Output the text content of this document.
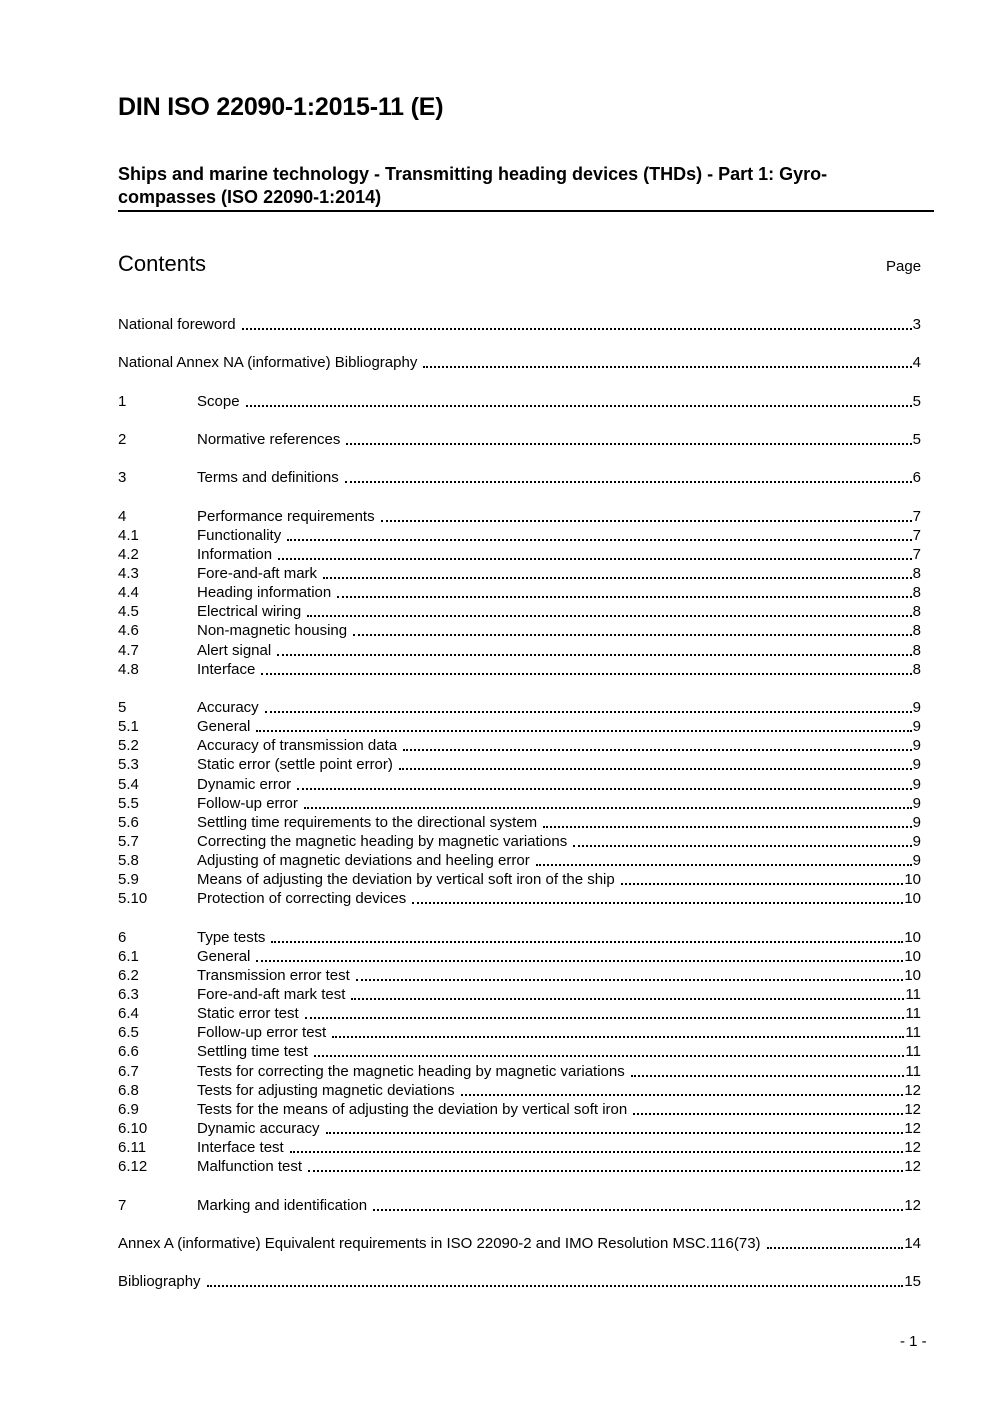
DIN ISO 22090-1:2015-11 (E)
Ships and marine technology - Transmitting heading devices (THDs) - Part 1: Gyro-
compasses (ISO 22090-1:2014)
Contents	Page
National foreword	3
National Annex NA (informative) Bibliography	4
1	Scope	5
2	Normative references	5
3	Terms and definitions	6
4	Performance requirements	7
4.1	Functionality	7
4.2	Information	7
4.3	Fore-and-aft mark	8
4.4	Heading information	8
4.5	Electrical wiring	8
4.6	Non-magnetic housing	8
4.7	Alert signal	8
4.8	Interface	8
5	Accuracy	9
5.1	General	9
5.2	Accuracy of transmission data	9
5.3	Static error (settle point error)	9
5.4	Dynamic error	9
5.5	Follow-up error	9
5.6	Settling time requirements to the directional system	9
5.7	Correcting the magnetic heading by magnetic variations	9
5.8	Adjusting of magnetic deviations and heeling error	9
5.9	Means of adjusting the deviation by vertical soft iron of the ship	10
5.10	Protection of correcting devices	10
6	Type tests	10
6.1	General	10
6.2	Transmission error test	10
6.3	Fore-and-aft mark test	11
6.4	Static error test	11
6.5	Follow-up error test	11
6.6	Settling time test	11
6.7	Tests for correcting the magnetic heading by magnetic variations	11
6.8	Tests for adjusting magnetic deviations	12
6.9	Tests for the means of adjusting the deviation by vertical soft iron	12
6.10	Dynamic accuracy	12
6.11	Interface test	12
6.12	Malfunction test	12
7	Marking and identification	12
Annex A (informative) Equivalent requirements in ISO 22090-2 and IMO Resolution MSC.116(73)	14
Bibliography	15
- 1 -
